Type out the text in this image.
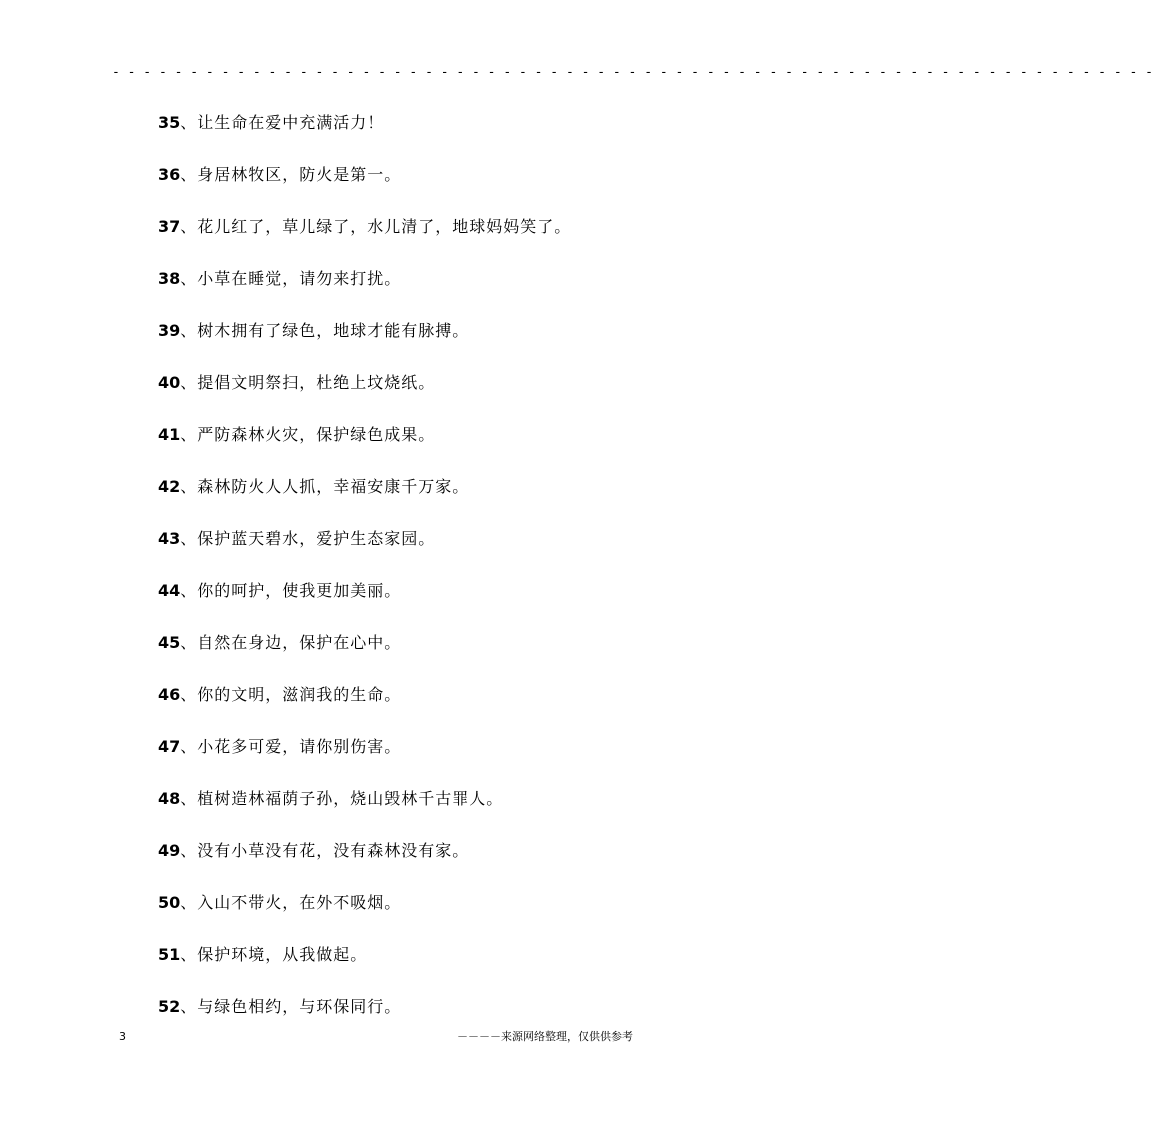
- - - - - - - - - - - - - - - - - - - - - - - - - - - - - - - - - - - - - - - - - - - - - - - - - - - - - - - - - - - - - - - - - - -
35、让生命在爱中充满活力！
36、身居林牧区，防火是第一。
37、花儿红了，草儿绿了，水儿清了，地球妈妈笑了。
38、小草在睡觉，请勿来打扰。
39、树木拥有了绿色，地球才能有脉搏。
40、提倡文明祭扫，杜绝上坟烧纸。
41、严防森林火灾，保护绿色成果。
42、森林防火人人抓，幸福安康千万家。
43、保护蓝天碧水，爱护生态家园。
44、你的呵护，使我更加美丽。
45、自然在身边，保护在心中。
46、你的文明，滋润我的生命。
47、小花多可爱，请你别伤害。
48、植树造林福荫子孙，烧山毁林千古罪人。
49、没有小草没有花，没有森林没有家。
50、入山不带火，在外不吸烟。
51、保护环境，从我做起。
52、与绿色相约，与环保同行。
3	－－－－来源网络整理，仅供供参考
